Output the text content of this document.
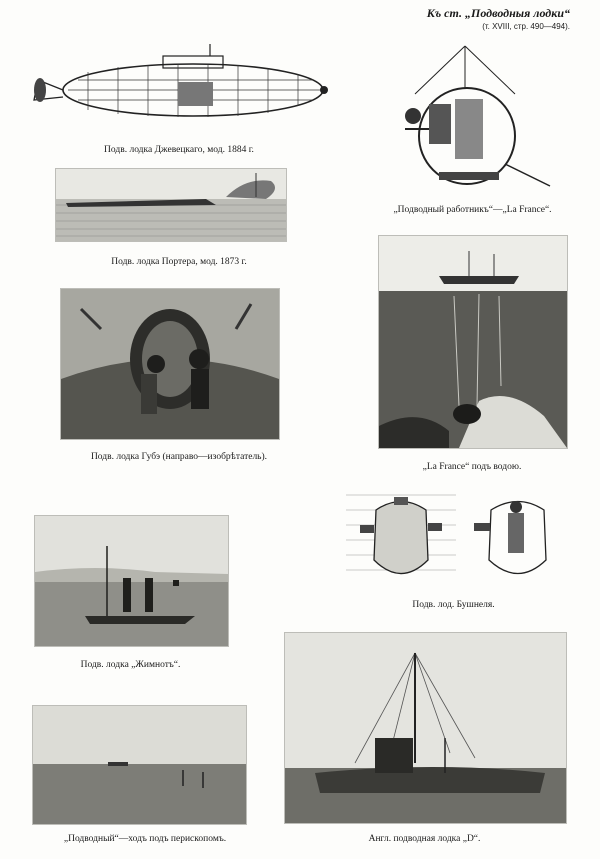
Къ ст. „Подводныя лодки“
(т. XVIII, стр. 490—494).
Подв. лодка Джевецкаго, мод. 1884 г.
Подв. лодка Портера, мод. 1873 г.
Подв. лодка Губэ (направо—изобрѣтатель).
Подв. лодка „Жимнотъ“.
„Подводный“—ходъ подъ перископомъ.
„Подводный работникъ“—„La France“.
„La France“ подъ водою.
Подв. лод. Бушнеля.
Англ. подводная лодка „D“.
